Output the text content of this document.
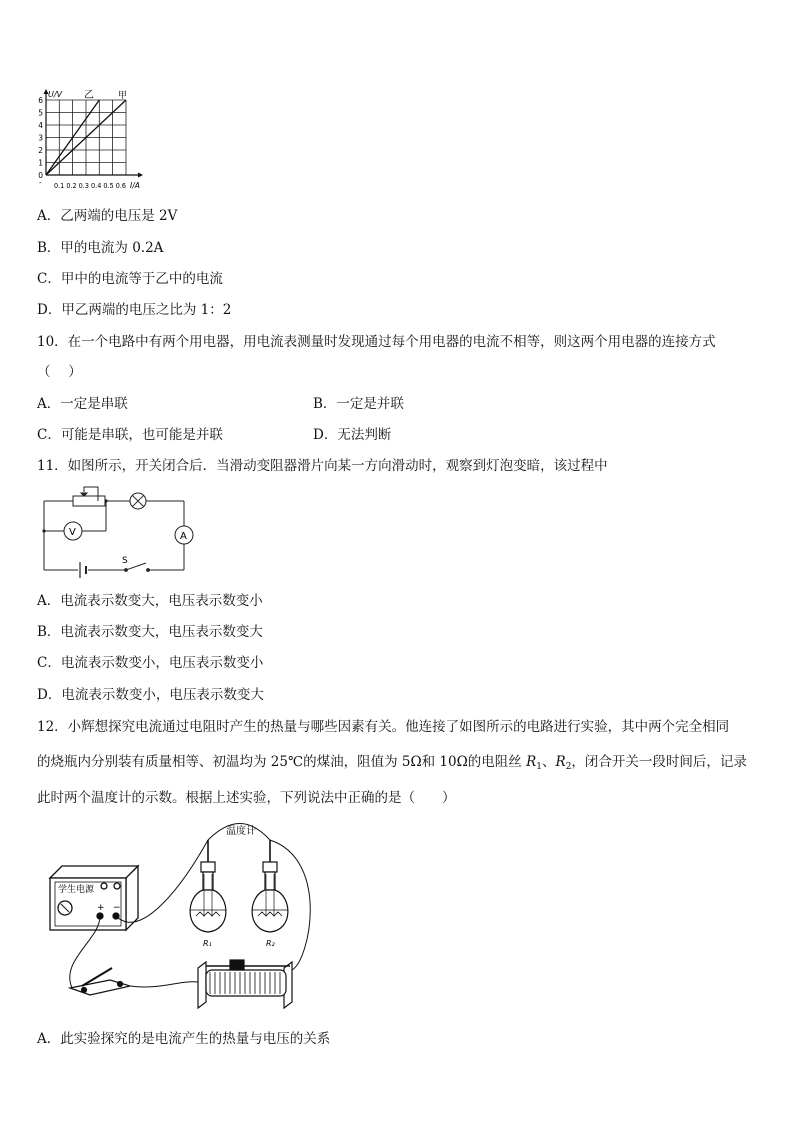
U/V 乙	甲
6
5
4
3
2
1
0
- 0.1 0.2 0.3 0.4 0.5 0.6 I/A
A．乙两端的电压是 2V
B．甲的电流为 0.2A
C．甲中的电流等于乙中的电流
D．甲乙两端的电压之比为 1：2
10．在一个电路中有两个用电器，用电流表测量时发现通过每个用电器的电流不相等，则这两个用电器的连接方式
（　 ）
A．一定是串联	B．一定是并联
C．可能是串联，也可能是并联	D．无法判断
11．如图所示，开关闭合后．当滑动变阻器滑片向某一方向滑动时，观察到灯泡变暗，该过程中
V	A
S
A．电流表示数变大，电压表示数变小
B．电流表示数变大，电压表示数变大
C．电流表示数变小，电压表示数变小
D．电流表示数变小，电压表示数变大
12．小辉想探究电流通过电阻时产生的热量与哪些因素有关。他连接了如图所示的电路进行实验，其中两个完全相同
的烧瓶内分别装有质量相等、初温均为 25℃的煤油，阻值为 5Ω和 10Ω的电阻丝 $R_1$、$R_2$，闭合开关一段时间后，记录
此时两个温度计的示数。根据上述实验，下列说法中正确的是（　　）
温度计
学生电源
+ −
R₁	R₂
A．此实验探究的是电流产生的热量与电压的关系
